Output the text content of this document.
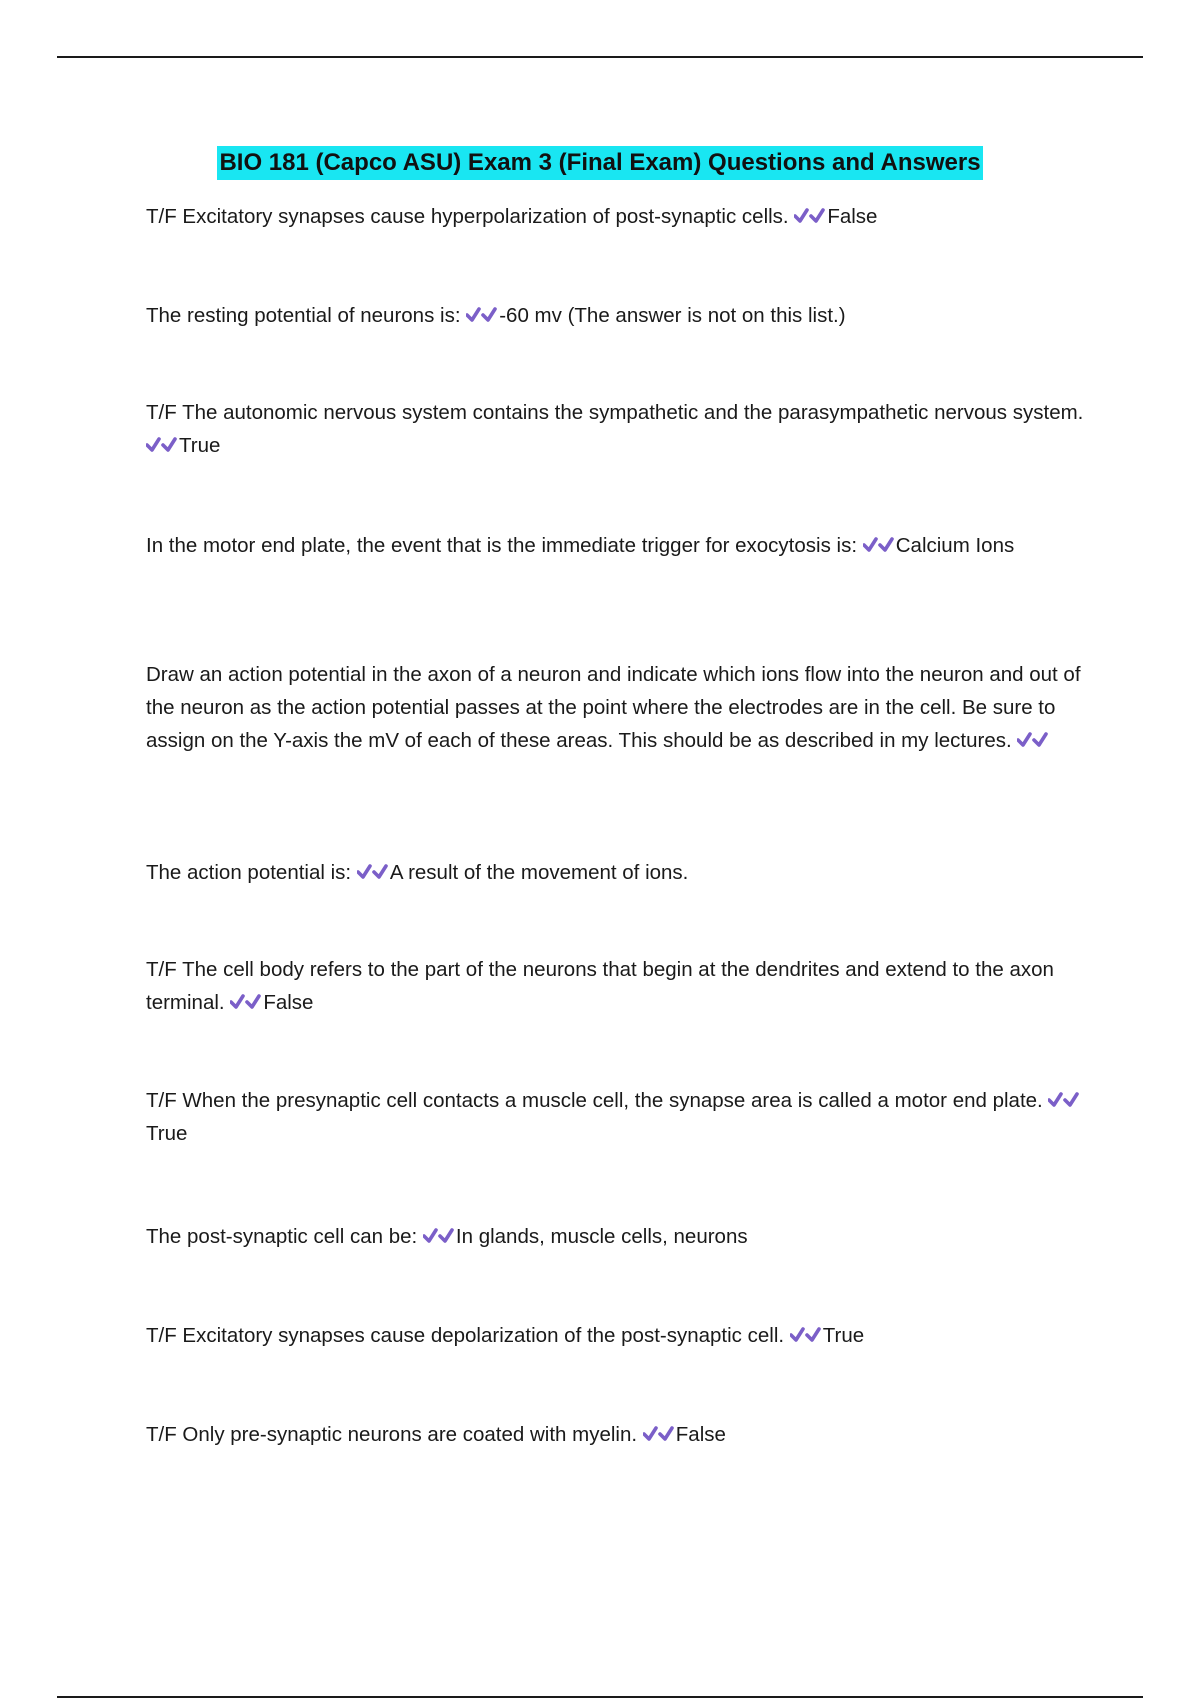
BIO 181 (Capco ASU) Exam 3 (Final Exam) Questions and Answers

T/F Excitatory synapses cause hyperpolarization of post-synaptic cells. False

The resting potential of neurons is: -60 mv (The answer is not on this list.)

T/F The autonomic nervous system contains the sympathetic and the parasympathetic nervous system.
True

In the motor end plate, the event that is the immediate trigger for exocytosis is: Calcium Ions

Draw an action potential in the axon of a neuron and indicate which ions flow into the neuron and out of the neuron as the action potential passes at the point where the electrodes are in the cell. Be sure to assign on the Y-axis the mV of each of these areas. This should be as described in my lectures.

The action potential is: A result of the movement of ions.

T/F The cell body refers to the part of the neurons that begin at the dendrites and extend to the axon terminal. False

T/F When the presynaptic cell contacts a muscle cell, the synapse area is called a motor end plate.
True

The post-synaptic cell can be: In glands, muscle cells, neurons

T/F Excitatory synapses cause depolarization of the post-synaptic cell. True

T/F Only pre-synaptic neurons are coated with myelin. False
